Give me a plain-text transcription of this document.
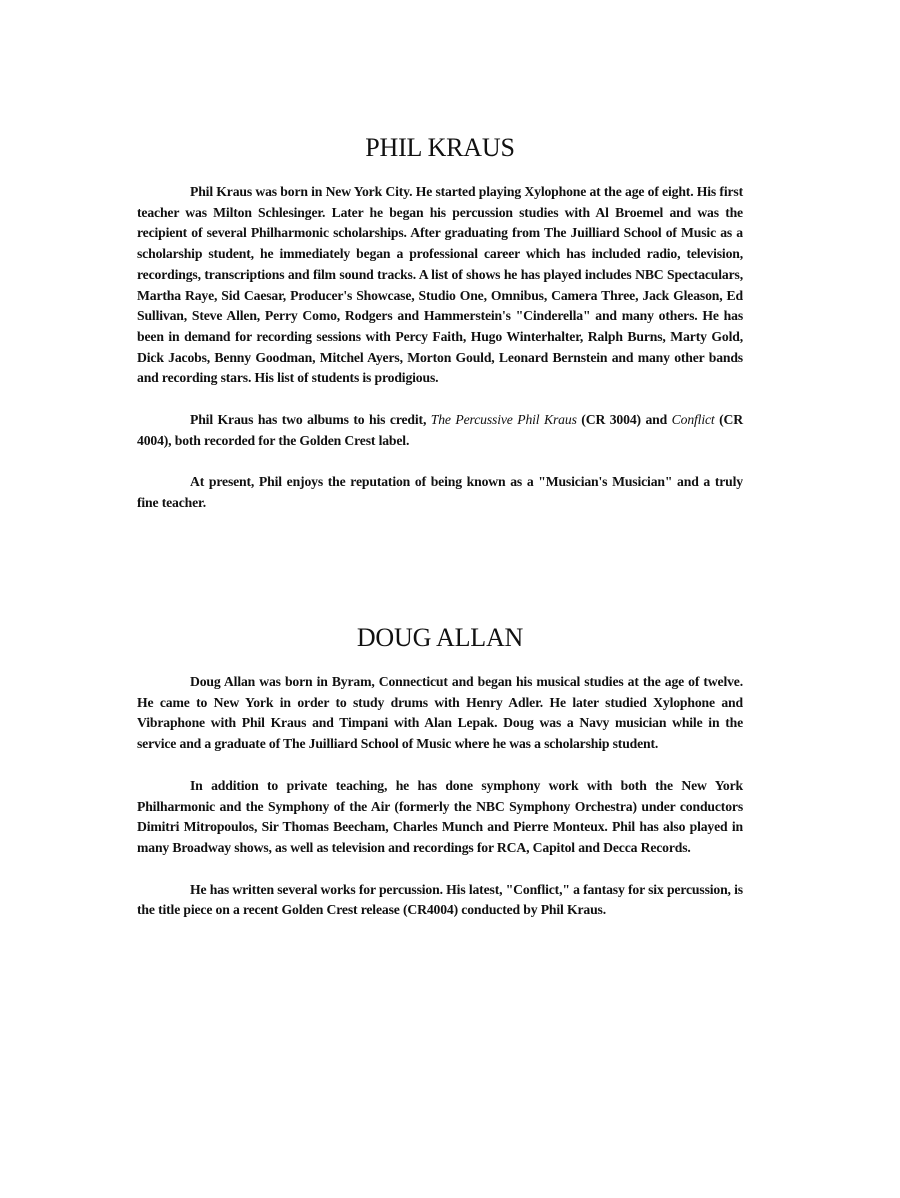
PHIL KRAUS

Phil Kraus was born in New York City. He started playing Xylophone at the age of eight. His first teacher was Milton Schlesinger. Later he began his percussion studies with Al Broemel and was the recipient of several Philharmonic scholarships. After graduating from The Juilliard School of Music as a scholarship student, he immediately began a professional career which has included radio, television, recordings, transcriptions and film sound tracks. A list of shows he has played includes NBC Spectaculars, Martha Raye, Sid Caesar, Producer's Showcase, Studio One, Omnibus, Camera Three, Jack Gleason, Ed Sullivan, Steve Allen, Perry Como, Rodgers and Hammerstein's "Cinderella" and many others. He has been in demand for recording sessions with Percy Faith, Hugo Winterhalter, Ralph Burns, Marty Gold, Dick Jacobs, Benny Goodman, Mitchel Ayers, Morton Gould, Leonard Bernstein and many other bands and recording stars. His list of students is prodigious.

Phil Kraus has two albums to his credit, The Percussive Phil Kraus (CR 3004) and Conflict (CR 4004), both recorded for the Golden Crest label.

At present, Phil enjoys the reputation of being known as a "Musician's Musician" and a truly fine teacher.

DOUG ALLAN

Doug Allan was born in Byram, Connecticut and began his musical studies at the age of twelve. He came to New York in order to study drums with Henry Adler. He later studied Xylophone and Vibraphone with Phil Kraus and Timpani with Alan Lepak. Doug was a Navy musician while in the service and a graduate of The Juilliard School of Music where he was a scholarship student.

In addition to private teaching, he has done symphony work with both the New York Philharmonic and the Symphony of the Air (formerly the NBC Symphony Orchestra) under conductors Dimitri Mitropoulos, Sir Thomas Beecham, Charles Munch and Pierre Monteux. Phil has also played in many Broadway shows, as well as television and recordings for RCA, Capitol and Decca Records.

He has written several works for percussion. His latest, "Conflict," a fantasy for six percussion, is the title piece on a recent Golden Crest release (CR4004) conducted by Phil Kraus.
